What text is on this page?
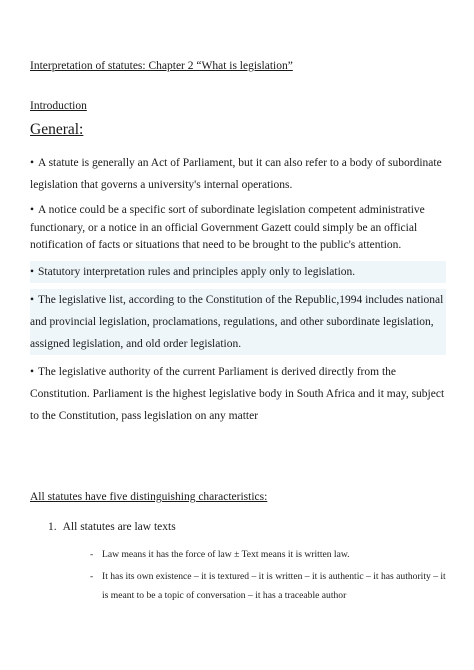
Interpretation of statutes: Chapter 2 “What is legislation”
Introduction
General:
• A statute is generally an Act of Parliament, but it can also refer to a body of subordinate legislation that governs a university's internal operations.
• A notice could be a specific sort of subordinate legislation competent administrative functionary, or a notice in an official Government Gazett could simply be an official notification of facts or situations that need to be brought to the public's attention.
• Statutory interpretation rules and principles apply only to legislation.
• The legislative list, according to the Constitution of the Republic,1994 includes national and provincial legislation, proclamations, regulations, and other subordinate legislation, assigned legislation, and old order legislation.
• The legislative authority of the current Parliament is derived directly from the Constitution. Parliament is the highest legislative body in South Africa and it may, subject to the Constitution, pass legislation on any matter
All statutes have five distinguishing characteristics:
1. All statutes are law texts
- Law means it has the force of law ± Text means it is written law.
- It has its own existence – it is textured – it is written – it is authentic – it has authority – it is meant to be a topic of conversation – it has a traceable author
